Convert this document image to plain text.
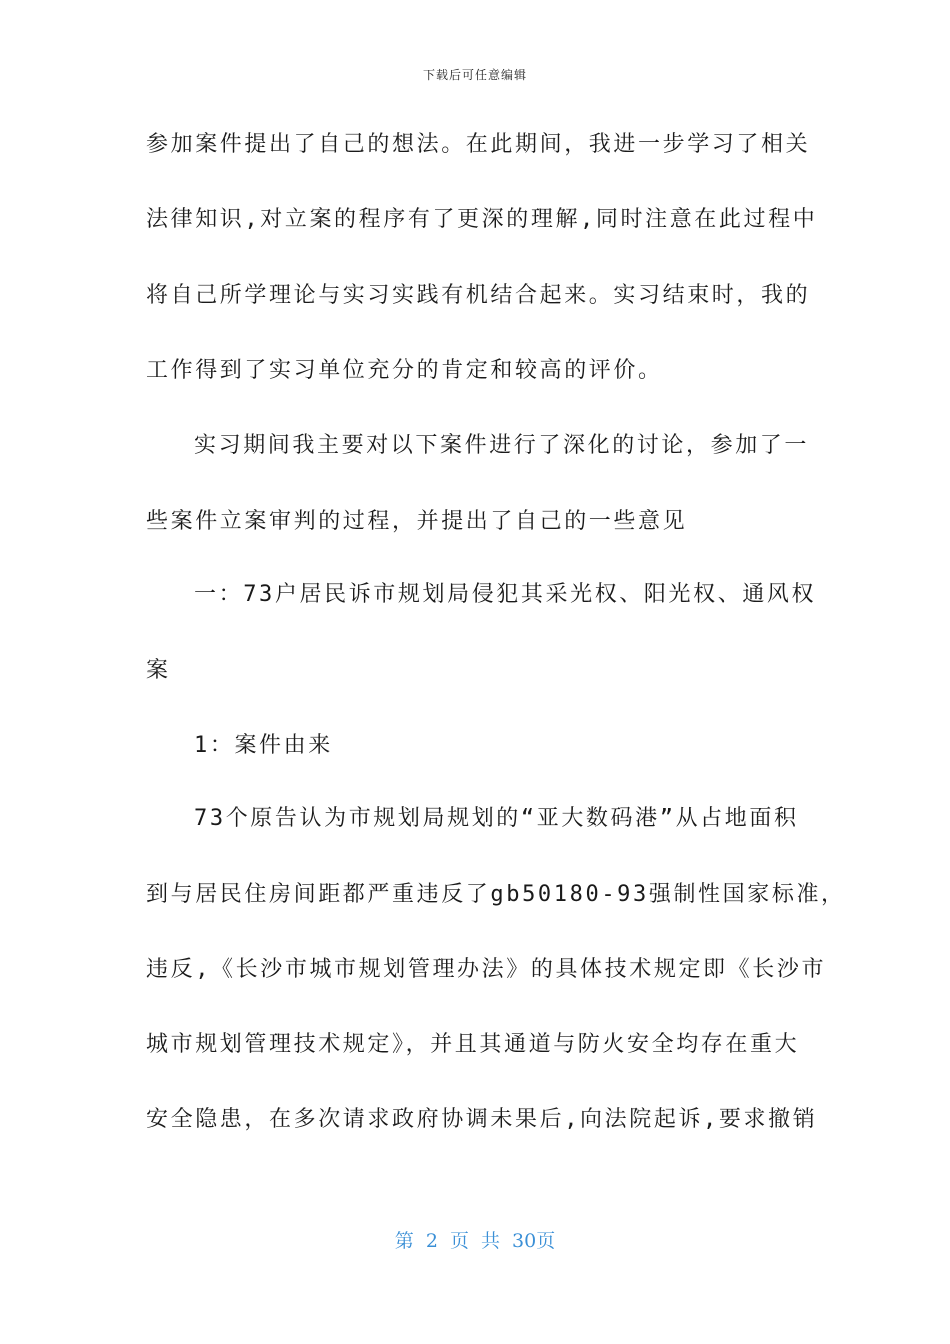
下载后可任意编辑
参加案件提出了自己的想法。在此期间，我进一步学习了相关
法律知识,对立案的程序有了更深的理解,同时注意在此过程中
将自己所学理论与实习实践有机结合起来。实习结束时，我的
工作得到了实习单位充分的肯定和较高的评价。
实习期间我主要对以下案件进行了深化的讨论，参加了一
些案件立案审判的过程，并提出了自己的一些意见
一：73户居民诉市规划局侵犯其采光权、阳光权、通风权
案
1：案件由来
73个原告认为市规划局规划的“亚大数码港”从占地面积
到与居民住房间距都严重违反了gb50180-93强制性国家标准，
违反,《长沙市城市规划管理办法》的具体技术规定即《长沙市
城市规划管理技术规定》，并且其通道与防火安全均存在重大
安全隐患，在多次请求政府协调未果后,向法院起诉,要求撤销
第 2 页 共 30页
